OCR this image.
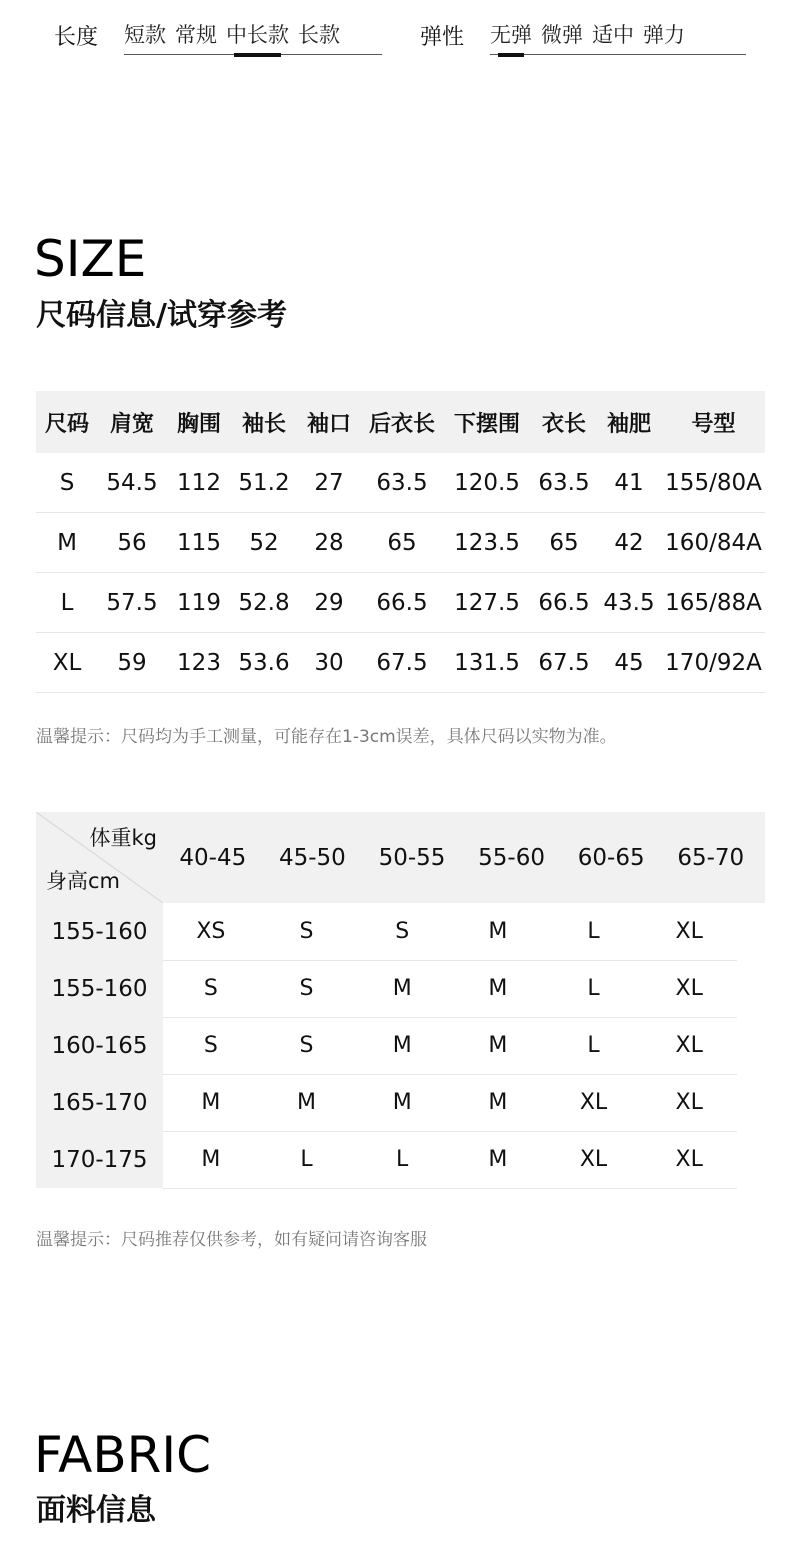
长度 短款 常规 中长款 长款	弹性 无弹 微弹 适中 弹力
SIZE
尺码信息/试穿参考
尺码 肩宽	胸围 袖长 袖口 后衣长 下摆围 衣长 袖肥	号型
S	54.5 112 51.2	27	63.5	120.5 63.5	41 155/80A
M	56	115	52	28	65	123.5	65	42 160/84A
L	57.5 119 52.8	29	66.5	127.5 66.5 43.5 165/88A
XL	59	123 53.6	30	67.5	131.5 67.5	45 170/92A
温馨提示：尺码均为手工测量，可能存在1-3cm误差，具体尺码以实物为准。
体重kg
身高cm
40-45	45-50	50-55	55-60	60-65	65-70
155-160	XS	S	S	M	L	XL
155-160	S	S	M	M	L	XL
160-165	S	S	M	M	L	XL
165-170	M	M	M	M	XL	XL
170-175	M	L	L	M	XL	XL
温馨提示：尺码推荐仅供参考，如有疑问请咨询客服
FABRIC
面料信息
